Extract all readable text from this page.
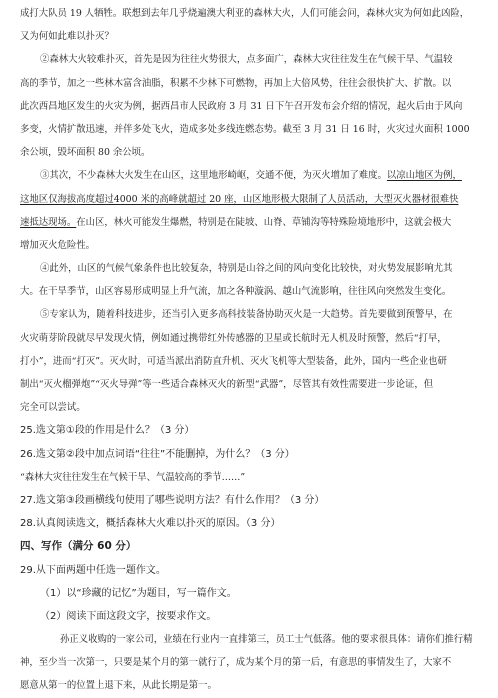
成打大队员 19 人牺牲。联想到去年几乎烧遍澳大利亚的森林大火，人们可能会问，森林火灾为何如此凶险，
又为何如此难以扑灭？
②森林大火较难扑灭，首先是因为往往火势很大，点多面广，森林大灾往往发生在气候干旱、气温较
高的季节，加之一些林木富含油脂，积累不少林下可燃物，再加上大倍风势，往往会很快扩大、扩散。以
此次西昌地区发生的火灾为例，据西昌市人民政府 3 月 31 日下午召开发布会介绍的情况，起火后由于风向
多变，火情扩散迅速，并伴多处飞火，造成多处多线连燃态势。截至 3 月 31 日 16 时，火灾过火面积 1000
余公顷，毁坏面积 80 余公顷。
③其次，不少森林大火发生在山区，这里地形崎岖，交通不便，为灭火增加了难度。以凉山地区为例，
这地区仅海拔高度超过4000 米的高峰就超过 20 座，山区地形极大限制了人员活动，大型灭火器材很难快
速抵达现场。在山区，林火可能发生爆燃，特别是在陡坡、山脊、草铺沟等特殊险境地形中，这就会极大
增加灭火危险性。
④此外，山区的气候气象条件也比较复杂，特别是山谷之间的风向变化比较快，对火势发展影响尤其
大。在干旱季节，山区容易形成明显上升气流，加之各种漩涡、越山气流影响，往往风向突然发生变化。
⑤专家认为，随着科技进步，还当引入更多高科技装备协助灭火是一大趋势。首先要做到预警早，在
火灾萌芽阶段就尽早发现火情，例如通过携带红外传感器的卫星或长航时无人机及时预警，然后“打早，
打小”，进而“打灭”。灭火时，可适当派出消防直升机、灭火飞机等大型装备，此外，国内一些企业也研
制出“灭火榴弹炮”“灭火导弹”等一些适合森林灭火的新型“武器”，尽管其有效性需要进一步论证，但
完全可以尝试。
25.选文第①段的作用是什么？（3 分）
26.选文第②段中加点词语“往往”不能删掉，为什么？（3 分）
“森林大灾往往发生在气候干旱、气温较高的季节……”
27.选文第③段画横线句使用了哪些说明方法？有什么作用？（3 分）
28.认真阅读选文，概括森林大火难以扑灭的原因。（3 分）
四、写作（满分 60 分）
29.从下面两题中任选一题作文。
（1）以“珍藏的记忆”为题目，写一篇作文。
（2）阅读下面这段文字，按要求作文。
孙正义收购的一家公司，业绩在行业内一直排第三，员工士气低落。他的要求很具体：请你们推行精
神，至少当一次第一，只要是某个月的第一就行了，成为某个月的第一后，有意思的事情发生了，大家不
愿意从第一的位置上退下来，从此长期是第一。
